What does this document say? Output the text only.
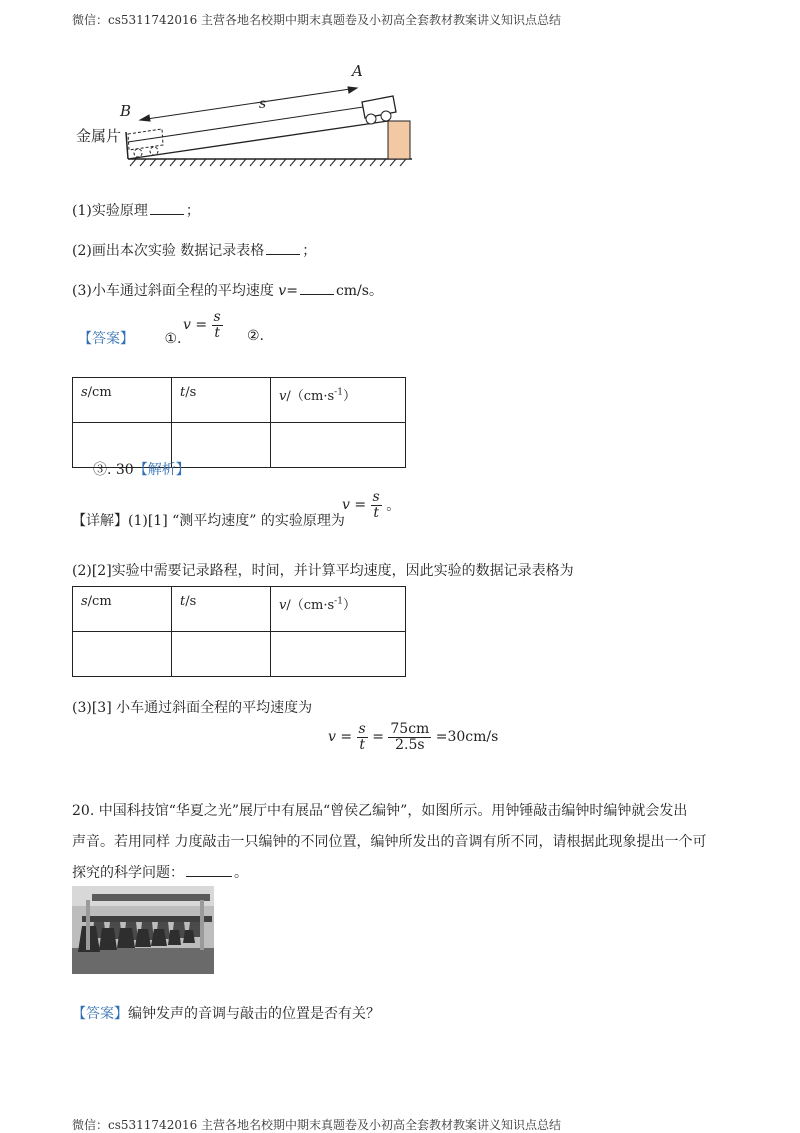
微信：cs5311742016 主营各地名校期中期末真题卷及小初高全套教材教案讲义知识点总结
A
B	s
金属片
(1)实验原理	；
(2)画出本次实验 数据记录表格	；
(3)小车通过斜面全程的平均速度 v=	cm/s。
【答案】 ①.
$v = \frac{s}{t}$ ②.
s/cm	t/s	$v/(cm\cdot s^{-1})$

③. 30【解析】
【详解】(1)[1] “测平均速度” 的实验原理为
$v = \frac{s}{t}$ 。
(2)[2]实验中需要记录路程，时间，并计算平均速度，因此实验的数据记录表格为
s/cm	t/s	$v/(cm\cdot s^{-1})$

(3)[3] 小车通过斜面全程的平均速度为
$v = \frac{s}{t} = \frac{75cm}{2.5s} =30cm/s$
20. 中国科技馆“华夏之光”展厅中有展品“曾侯乙编钟”，如图所示。用钟锤敲击编钟时编钟就会发出
声音。若用同样 力度敲击一只编钟的不同位置，编钟所发出的音调有所不同，请根据此现象提出一个可
探究的科学问题：	。
【答案】编钟发声的音调与敲击的位置是否有关？
微信：cs5311742016 主营各地名校期中期末真题卷及小初高全套教材教案讲义知识点总结
